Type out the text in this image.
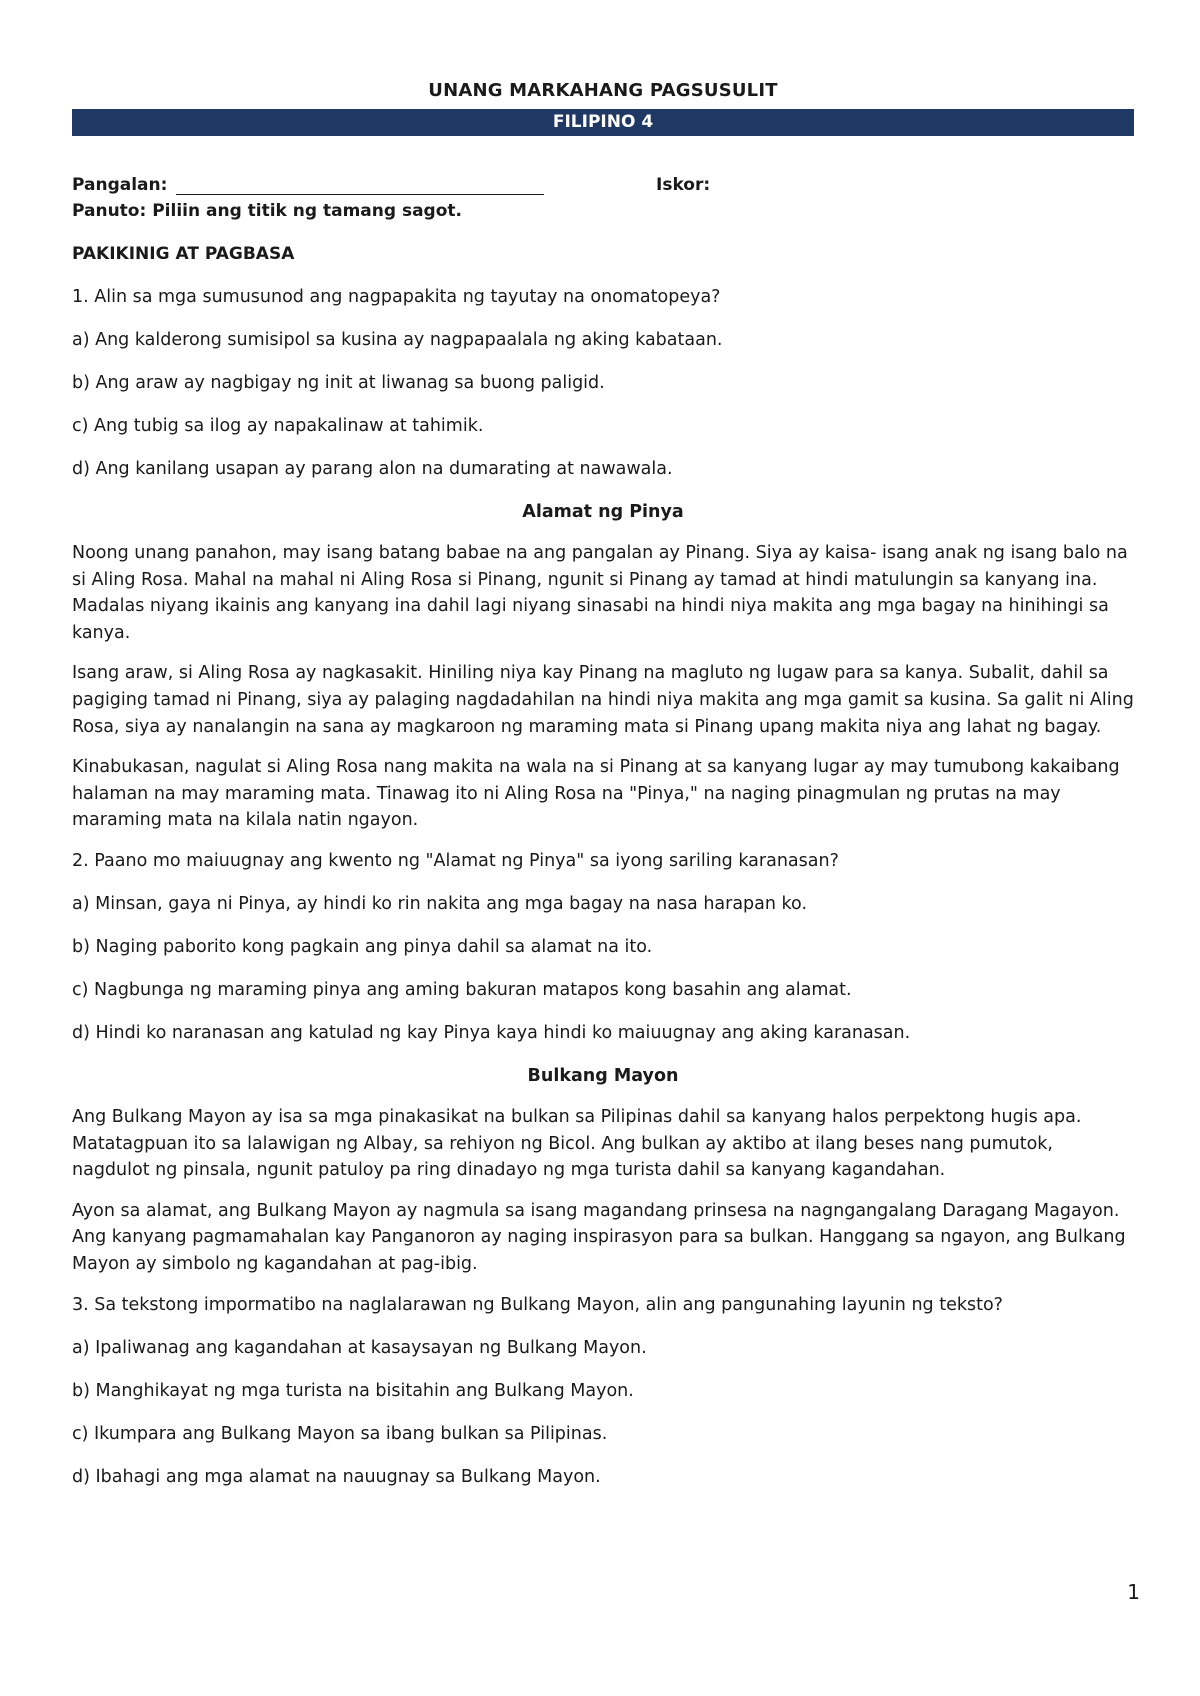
UNANG MARKAHANG PAGSUSULIT
FILIPINO 4
Pangalan:	Iskor:
Panuto: Piliin ang titik ng tamang sagot.
PAKIKINIG AT PAGBASA

1. Alin sa mga sumusunod ang nagpapakita ng tayutay na onomatopeya?

a) Ang kalderong sumisipol sa kusina ay nagpapaalala ng aking kabataan.

b) Ang araw ay nagbigay ng init at liwanag sa buong paligid.

c) Ang tubig sa ilog ay napakalinaw at tahimik.

d) Ang kanilang usapan ay parang alon na dumarating at nawawala.

Alamat ng Pinya

Noong unang panahon, may isang batang babae na ang pangalan ay Pinang. Siya ay kaisa- isang anak ng isang balo na si Aling Rosa. Mahal na mahal ni Aling Rosa si Pinang, ngunit si Pinang ay tamad at hindi matulungin sa kanyang ina. Madalas niyang ikainis ang kanyang ina dahil lagi niyang sinasabi na hindi niya makita ang mga bagay na hinihingi sa kanya.

Isang araw, si Aling Rosa ay nagkasakit. Hiniling niya kay Pinang na magluto ng lugaw para sa kanya. Subalit, dahil sa pagiging tamad ni Pinang, siya ay palaging nagdadahilan na hindi niya makita ang mga gamit sa kusina. Sa galit ni Aling Rosa, siya ay nanalangin na sana ay magkaroon ng maraming mata si Pinang upang makita niya ang lahat ng bagay.

Kinabukasan, nagulat si Aling Rosa nang makita na wala na si Pinang at sa kanyang lugar ay may tumubong kakaibang halaman na may maraming mata. Tinawag ito ni Aling Rosa na "Pinya," na naging pinagmulan ng prutas na may maraming mata na kilala natin ngayon.

2. Paano mo maiuugnay ang kwento ng "Alamat ng Pinya" sa iyong sariling karanasan?

a) Minsan, gaya ni Pinya, ay hindi ko rin nakita ang mga bagay na nasa harapan ko.

b) Naging paborito kong pagkain ang pinya dahil sa alamat na ito.

c) Nagbunga ng maraming pinya ang aming bakuran matapos kong basahin ang alamat.

d) Hindi ko naranasan ang katulad ng kay Pinya kaya hindi ko maiuugnay ang aking karanasan.

Bulkang Mayon

Ang Bulkang Mayon ay isa sa mga pinakasikat na bulkan sa Pilipinas dahil sa kanyang halos perpektong hugis apa. Matatagpuan ito sa lalawigan ng Albay, sa rehiyon ng Bicol. Ang bulkan ay aktibo at ilang beses nang pumutok, nagdulot ng pinsala, ngunit patuloy pa ring dinadayo ng mga turista dahil sa kanyang kagandahan.

Ayon sa alamat, ang Bulkang Mayon ay nagmula sa isang magandang prinsesa na nagngangalang Daragang Magayon. Ang kanyang pagmamahalan kay Panganoron ay naging inspirasyon para sa bulkan. Hanggang sa ngayon, ang Bulkang Mayon ay simbolo ng kagandahan at pag-ibig.

3. Sa tekstong impormatibo na naglalarawan ng Bulkang Mayon, alin ang pangunahing layunin ng teksto?

a) Ipaliwanag ang kagandahan at kasaysayan ng Bulkang Mayon.

b) Manghikayat ng mga turista na bisitahin ang Bulkang Mayon.

c) Ikumpara ang Bulkang Mayon sa ibang bulkan sa Pilipinas.

d) Ibahagi ang mga alamat na nauugnay sa Bulkang Mayon.

1
